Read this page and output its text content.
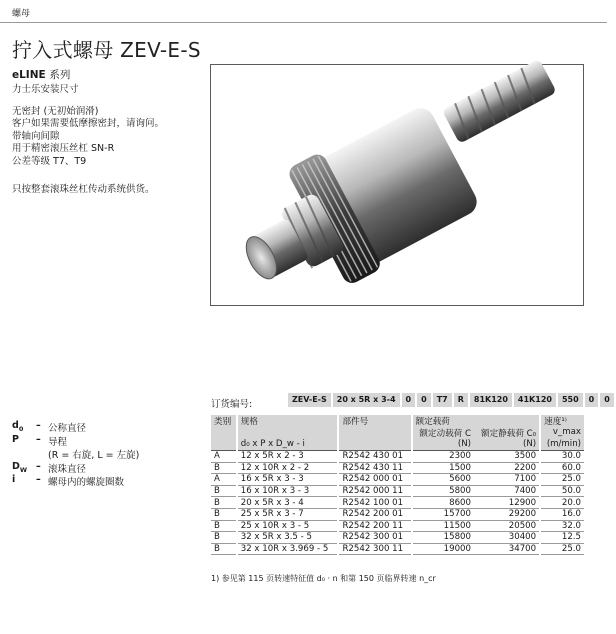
螺母
拧入式螺母 ZEV-E-S
eLINE 系列
力士乐安装尺寸
无密封 (无初始润滑)
客户如果需要低摩擦密封，请询问。
带轴向间隙
用于精密滚压丝杠 SN-R
公差等级 T7、T9
只按整套滚珠丝杠传动系统供货。
订货编号:	ZEV-E-S	20 x 5R x 3-4	0	0	T7	R	81K120	41K120	550	0	0
$d_0$ – 公称直径
P – 导程
(R = 右旋, L = 左旋)
$D_W$ – 滚珠直径
i – 螺母内的螺旋圈数
类别	规格	部件号	额定载荷		速度¹⁾
			额定动载荷 C	额定静载荷 C₀	v_max
	d₀ x P x D_w - i		(N)	(N)	(m/min)
A	12 x 5R x 2 - 3	R2542 430 01	2300	3500	30.0
B	12 x 10R x 2 - 2	R2542 430 11	1500	2200	60.0
A	16 x 5R x 3 - 3	R2542 000 01	5600	7100	25.0
B	16 x 10R x 3 - 3	R2542 000 11	5800	7400	50.0
B	20 x 5R x 3 - 4	R2542 100 01	8600	12900	20.0
B	25 x 5R x 3 - 7	R2542 200 01	15700	29200	16.0
B	25 x 10R x 3 - 5	R2542 200 11	11500	20500	32.0
B	32 x 5R x 3.5 - 5	R2542 300 01	15800	30400	12.5
B	32 x 10R x 3.969 - 5	R2542 300 11	19000	34700	25.0
1) 参见第 115 页转速特征值 d₀ · n 和第 150 页临界转速 n_cr
